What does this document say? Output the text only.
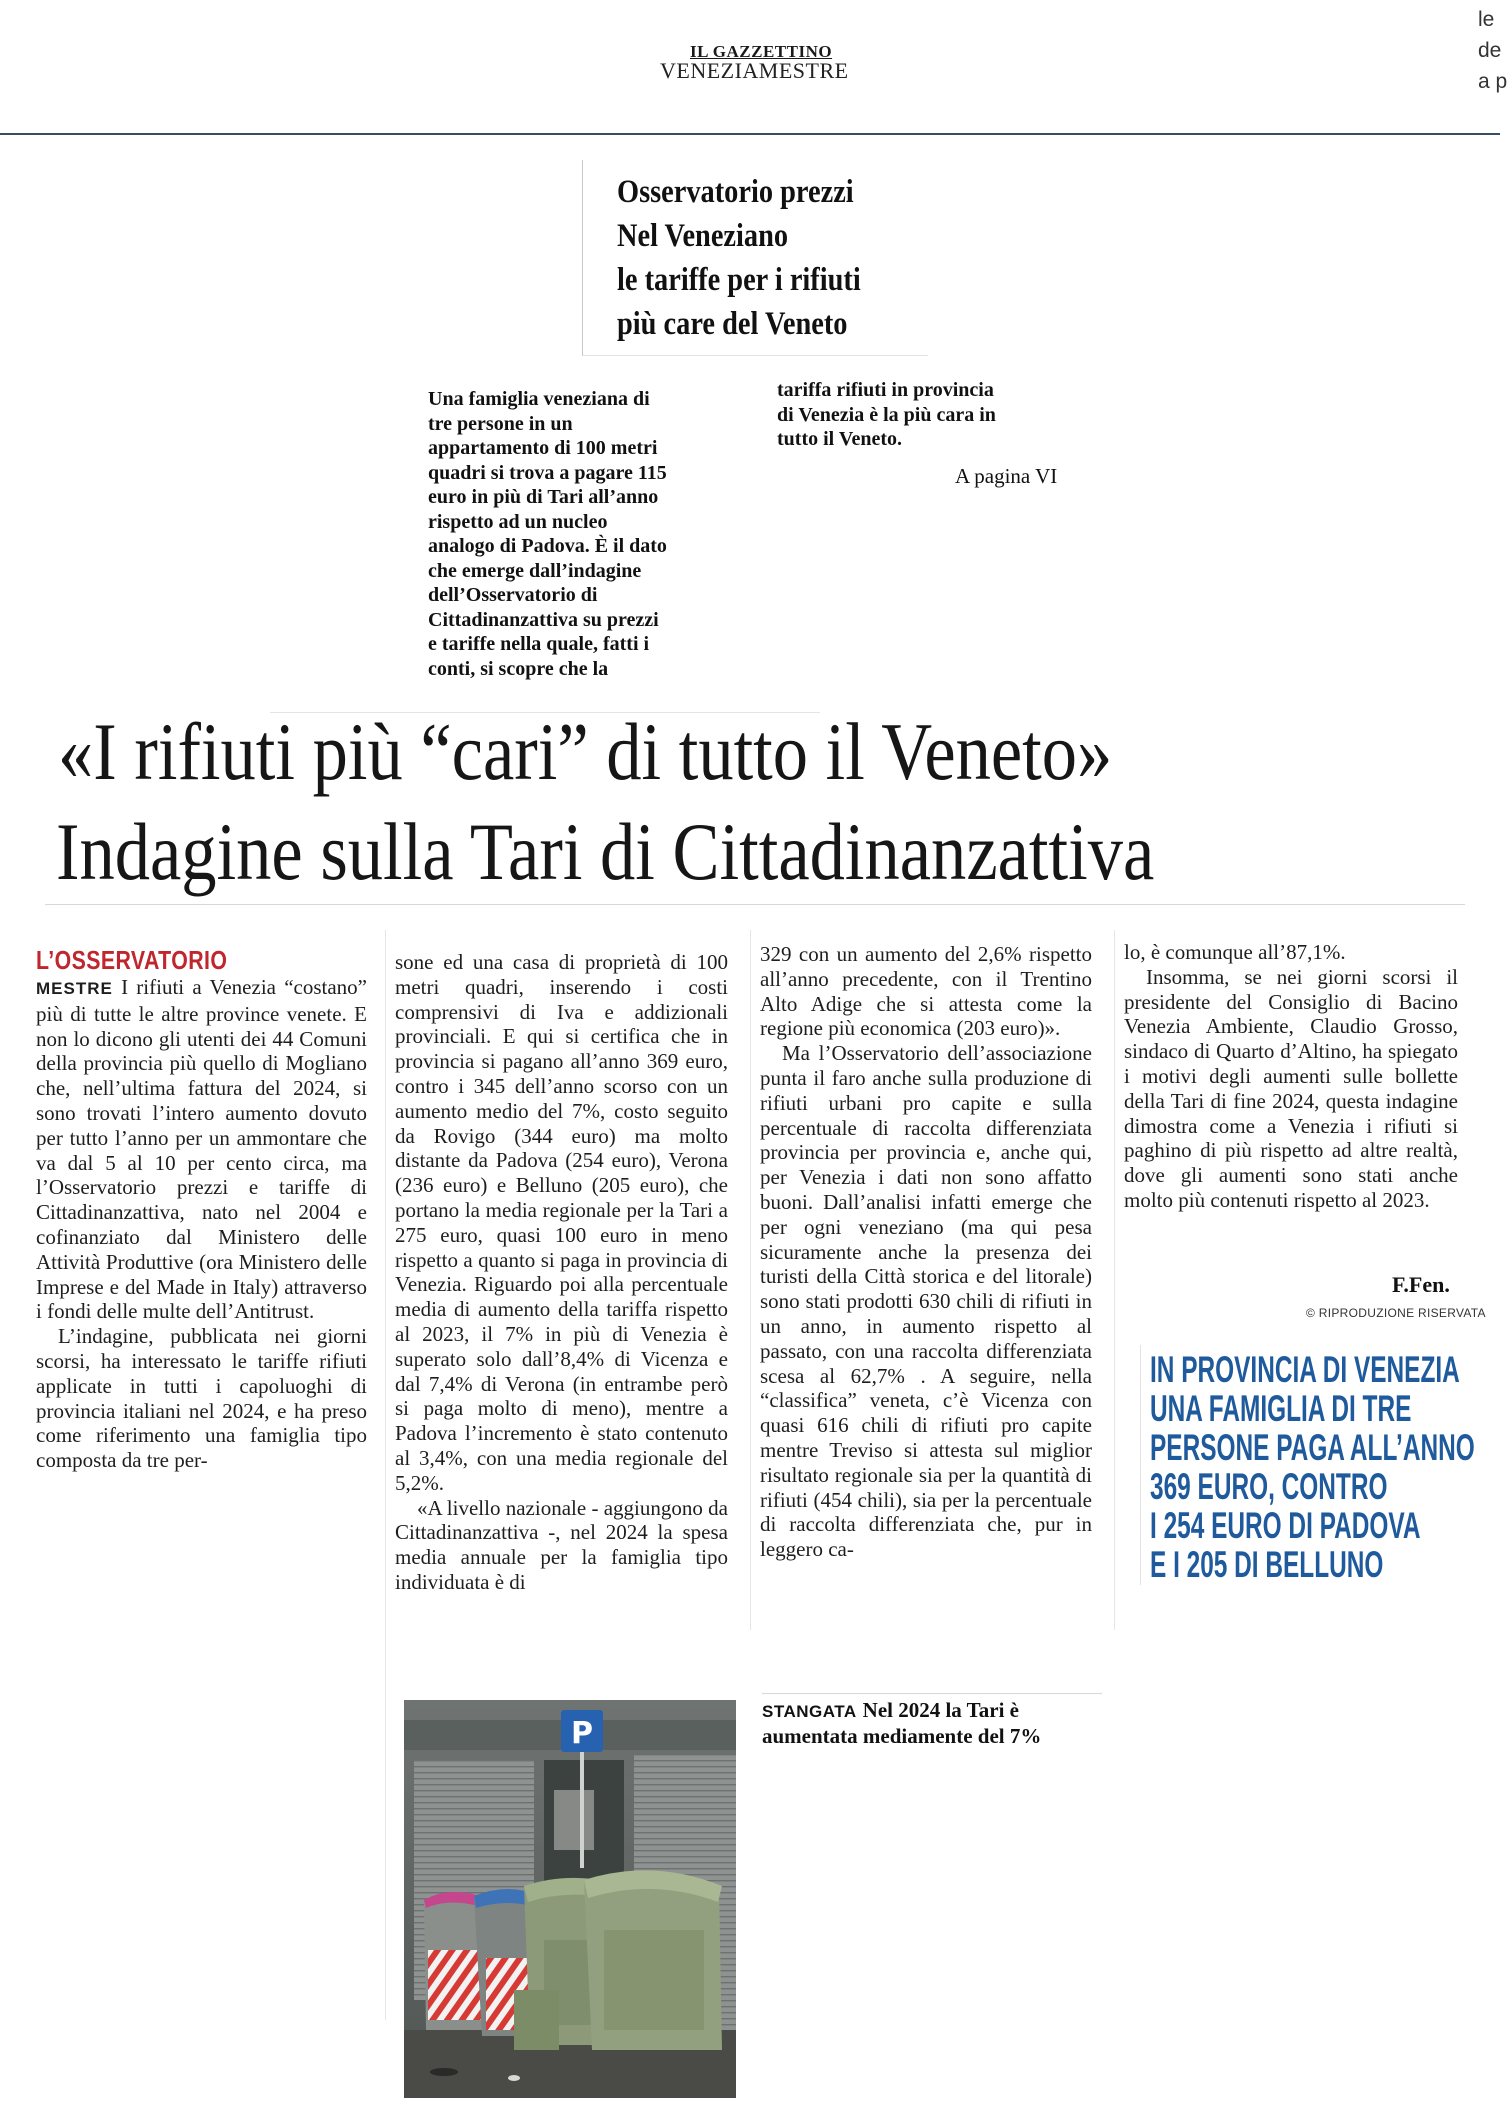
IL GAZZETTINO
VENEZIAMESTRE
le
de
a p
Osservatorio prezzi
Nel Veneziano
le tariffe per i rifiuti
più care del Veneto
Una famiglia veneziana di
tre persone in un
appartamento di 100 metri
quadri si trova a pagare 115
euro in più di Tari all’anno
rispetto ad un nucleo
analogo di Padova. È il dato
che emerge dall’indagine
dell’Osservatorio di
Cittadinanzattiva su prezzi
e tariffe nella quale, fatti i
conti, si scopre che la
tariffa rifiuti in provincia
di Venezia è la più cara in
tutto il Veneto.
A pagina VI
«I rifiuti più “cari” di tutto il Veneto»
Indagine sulla Tari di Cittadinanzattiva
L’OSSERVATORIO

MESTRE I rifiuti a Venezia “costano” più di tutte le altre province venete. E non lo dicono gli utenti dei 44 Comuni della provincia più quello di Mogliano che, nell’ultima fattura del 2024, si sono trovati l’intero aumento dovuto per tutto l’anno per un ammontare che va dal 5 al 10 per cento circa, ma l’Osservatorio prezzi e tariffe di Cittadinanzattiva, nato nel 2004 e cofinanziato dal Ministero delle Attività Produttive (ora Ministero delle Imprese e del Made in Italy) attraverso i fondi delle multe dell’Antitrust.

L’indagine, pubblicata nei giorni scorsi, ha interessato le tariffe rifiuti applicate in tutti i capoluoghi di provincia italiani nel 2024, e ha preso come riferimento una famiglia tipo composta da tre per-

sone ed una casa di proprietà di 100 metri quadri, inserendo i costi comprensivi di Iva e addizionali provinciali. E qui si certifica che in provincia si pagano all’anno 369 euro, contro i 345 dell’anno scorso con un aumento medio del 7%, costo seguito da Rovigo (344 euro) ma molto distante da Padova (254 euro), Verona (236 euro) e Belluno (205 euro), che portano la media regionale per la Tari a 275 euro, quasi 100 euro in meno rispetto a quanto si paga in provincia di Venezia. Riguardo poi alla percentuale media di aumento della tariffa rispetto al 2023, il 7% in più di Venezia è superato solo dall’8,4% di Vicenza e dal 7,4% di Verona (in entrambe però si paga molto di meno), mentre a Padova l’incremento è stato contenuto al 3,4%, con una media regionale del 5,2%.

«A livello nazionale - aggiungono da Cittadinanzattiva -, nel 2024 la spesa media annuale per la famiglia tipo individuata è di

329 con un aumento del 2,6% rispetto all’anno precedente, con il Trentino Alto Adige che si attesta come la regione più economica (203 euro)».

Ma l’Osservatorio dell’associazione punta il faro anche sulla produzione di rifiuti urbani pro capite e sulla percentuale di raccolta differenziata provincia per provincia e, anche qui, per Venezia i dati non sono affatto buoni. Dall’analisi infatti emerge che per ogni veneziano (ma qui pesa sicuramente anche la presenza dei turisti della Città storica e del litorale) sono stati prodotti 630 chili di rifiuti in un anno, in aumento rispetto al passato, con una raccolta differenziata scesa al 62,7% . A seguire, nella “classifica” veneta, c’è Vicenza con quasi 616 chili di rifiuti pro capite mentre Treviso si attesta sul miglior risultato regionale sia per la quantità di rifiuti (454 chili), sia per la percentuale di raccolta differenziata che, pur in leggero ca-

lo, è comunque all’87,1%.

Insomma, se nei giorni scorsi il presidente del Consiglio di Bacino Venezia Ambiente, Claudio Grosso, sindaco di Quarto d’Altino, ha spiegato i motivi degli aumenti sulle bollette della Tari di fine 2024, questa indagine dimostra come a Venezia i rifiuti si paghino di più rispetto ad altre realtà, dove gli aumenti sono stati anche molto più contenuti rispetto al 2023.

F.Fen.
© RIPRODUZIONE RISERVATA
IN PROVINCIA DI VENEZIA
UNA FAMIGLIA DI TRE
PERSONE PAGA ALL’ANNO
369 EURO, CONTRO
I 254 EURO DI PADOVA
E I 205 DI BELLUNO
STANGATA Nel 2024 la Tari è aumentata mediamente del 7%
P
